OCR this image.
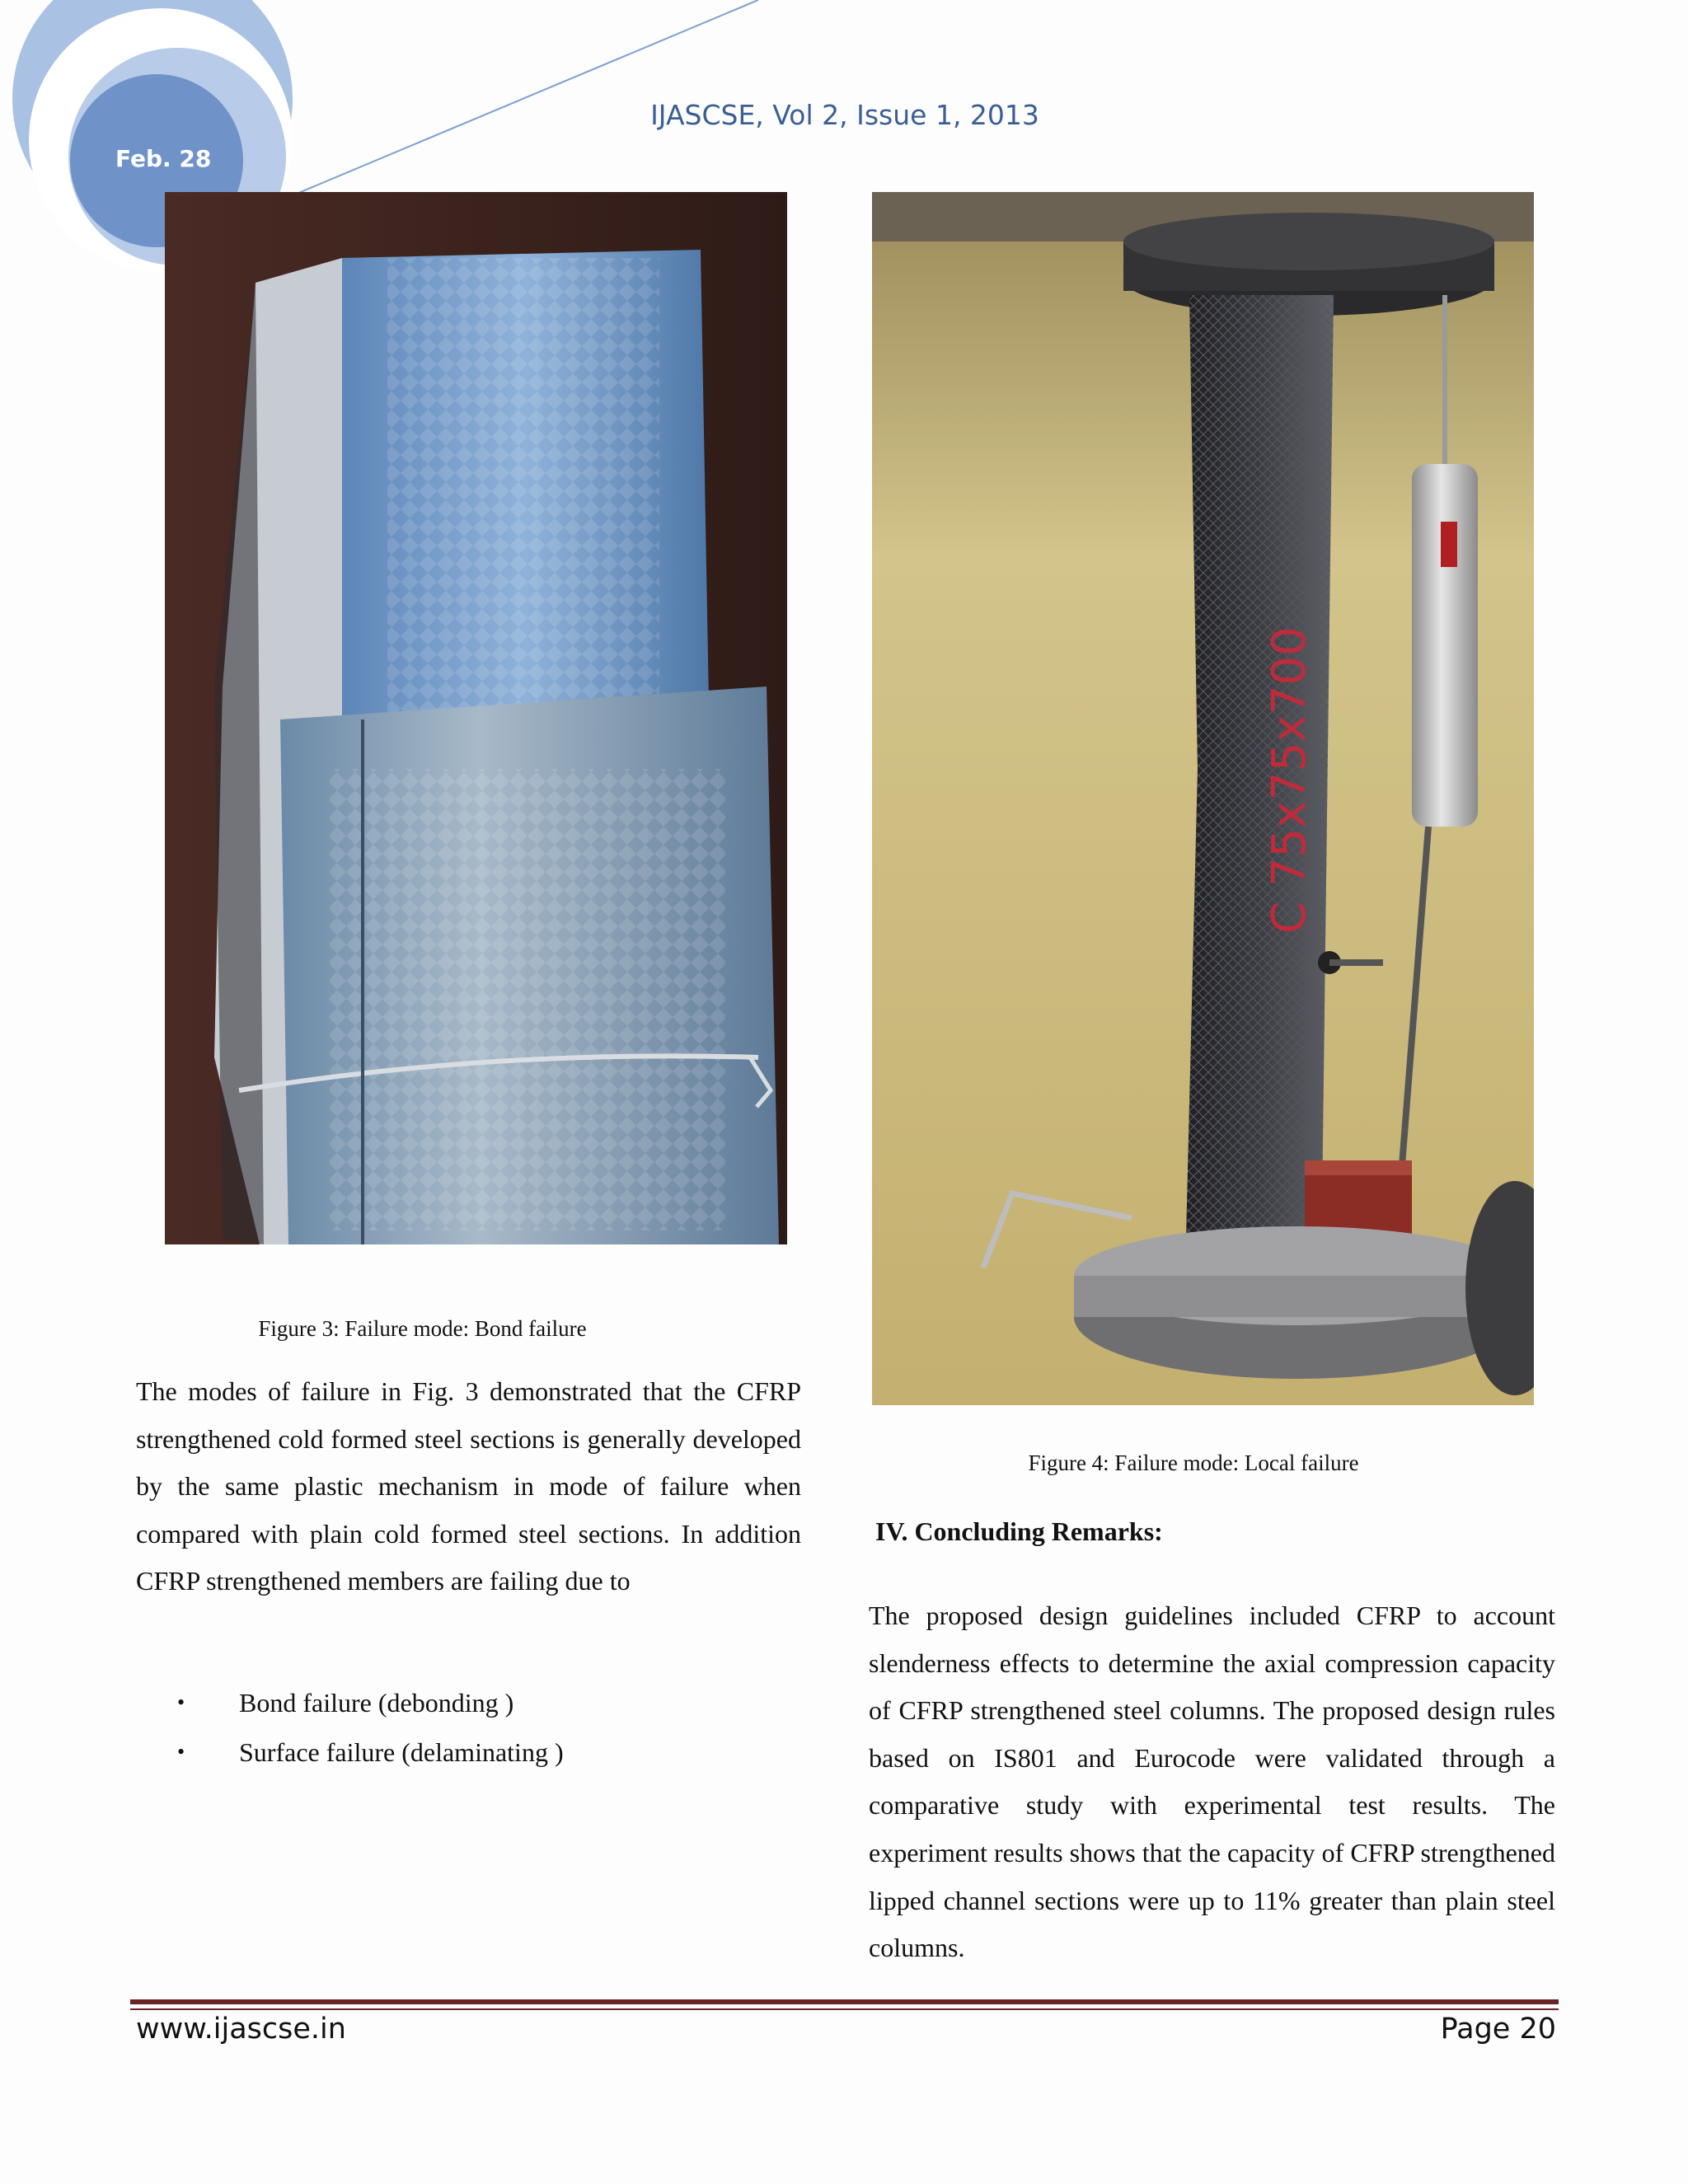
Feb. 28
IJASCSE, Vol 2, Issue 1, 2013
C 75x75x700
Figure 3: Failure mode: Bond failure
Figure 4: Failure mode: Local failure
The modes of failure in Fig. 3 demonstrated that the CFRP strengthened cold formed steel sections is generally developed by the same plastic mechanism in mode of failure when compared with plain cold formed steel sections. In addition CFRP strengthened members are failing due to
• Bond failure (debonding )
• Surface failure (delaminating )
IV. Concluding Remarks:
The proposed design guidelines included CFRP to account slenderness effects to determine the axial compression capacity of CFRP strengthened steel columns. The proposed design rules based on IS801 and Eurocode were validated through a comparative study with experimental test results. The experiment results shows that the capacity of CFRP strengthened lipped channel sections were up to 11% greater than plain steel columns.
www.ijascse.in	Page 20
